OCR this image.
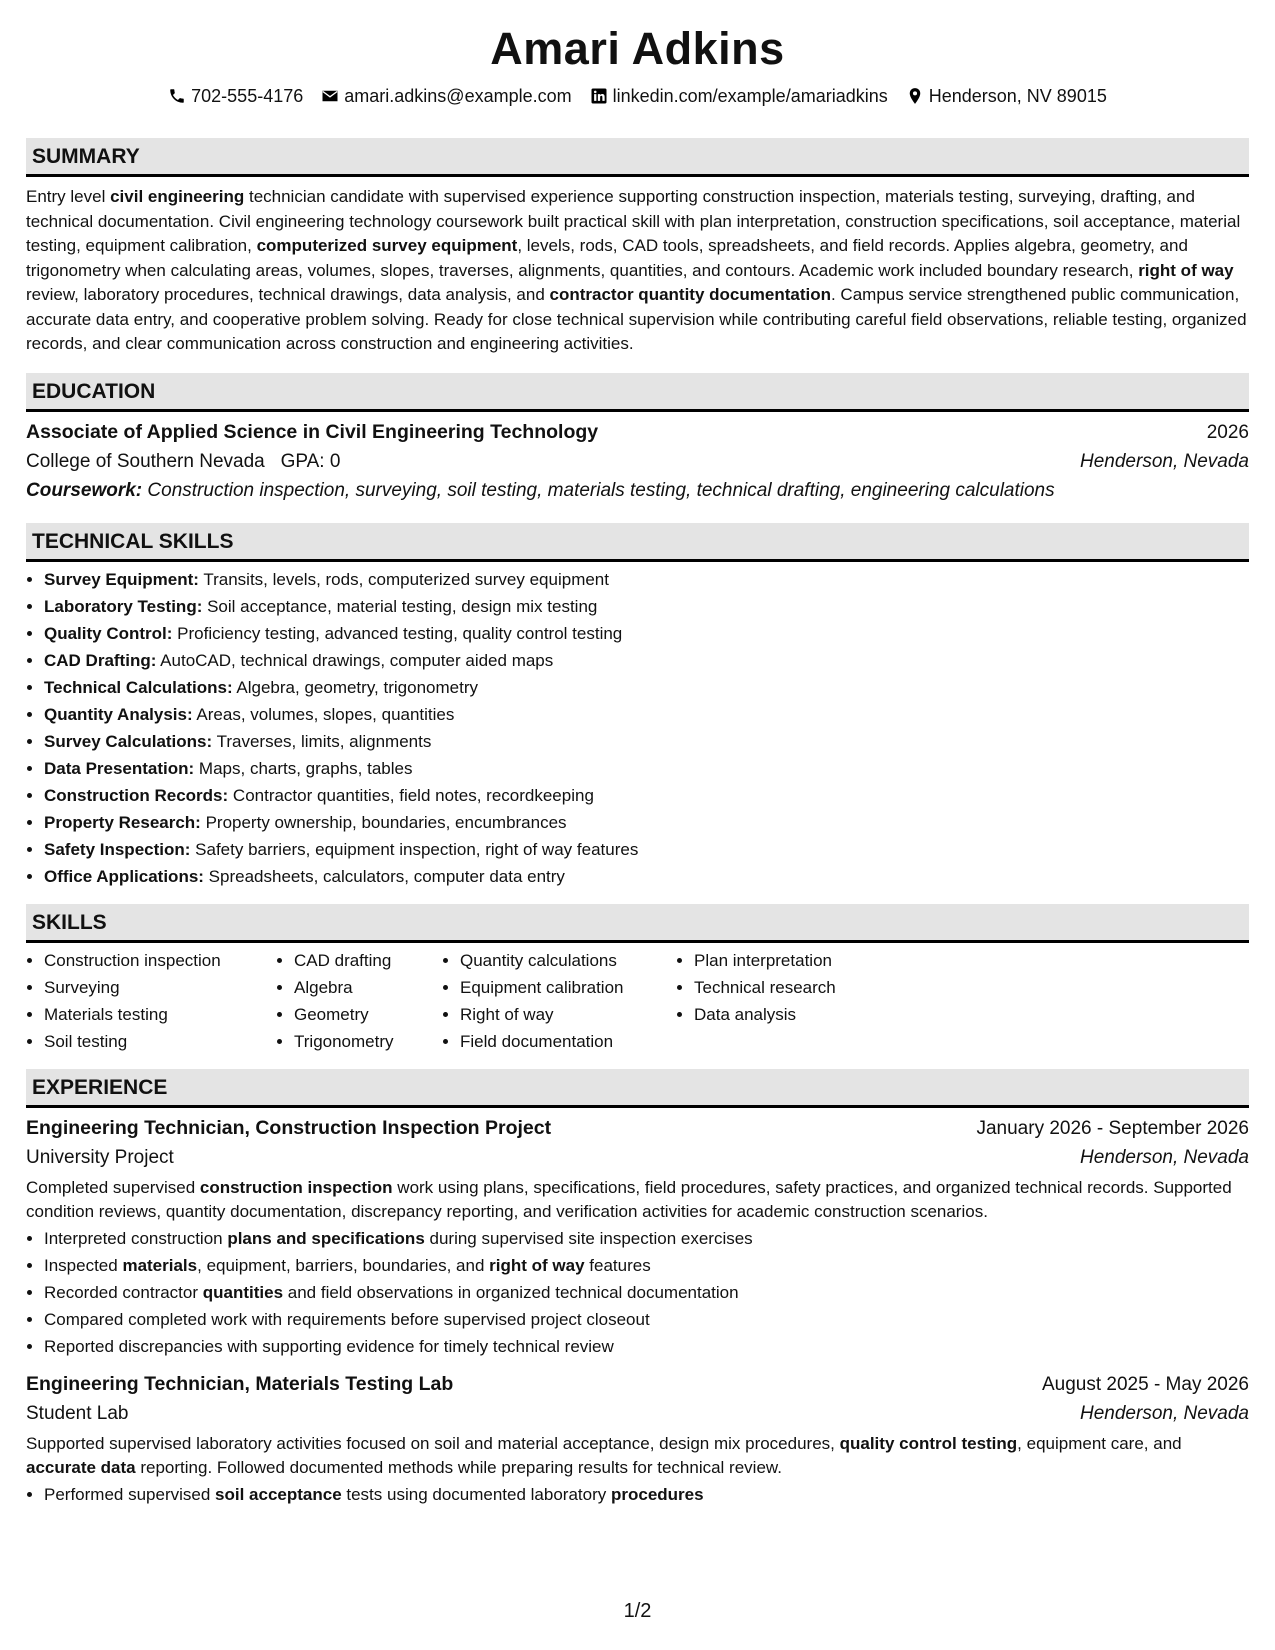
Amari Adkins
702-555-4176 amari.adkins@example.com linkedin.com/example/amariadkins Henderson, NV 89015
SUMMARY

Entry level civil engineering technician candidate with supervised experience supporting construction inspection, materials testing, surveying, drafting, and technical documentation. Civil engineering technology coursework built practical skill with plan interpretation, construction specifications, soil acceptance, material testing, equipment calibration, computerized survey equipment, levels, rods, CAD tools, spreadsheets, and field records. Applies algebra, geometry, and trigonometry when calculating areas, volumes, slopes, traverses, alignments, quantities, and contours. Academic work included boundary research, right of way review, laboratory procedures, technical drawings, data analysis, and contractor quantity documentation. Campus service strengthened public communication, accurate data entry, and cooperative problem solving. Ready for close technical supervision while contributing careful field observations, reliable testing, organized records, and clear communication across construction and engineering activities.

EDUCATION
Associate of Applied Science in Civil Engineering Technology	2026
College of Southern Nevada GPA: 0	Henderson, Nevada
Coursework: Construction inspection, surveying, soil testing, materials testing, technical drafting, engineering calculations
TECHNICAL SKILLS
• Survey Equipment: Transits, levels, rods, computerized survey equipment
• Laboratory Testing: Soil acceptance, material testing, design mix testing
• Quality Control: Proficiency testing, advanced testing, quality control testing
• CAD Drafting: AutoCAD, technical drawings, computer aided maps
• Technical Calculations: Algebra, geometry, trigonometry
• Quantity Analysis: Areas, volumes, slopes, quantities
• Survey Calculations: Traverses, limits, alignments
• Data Presentation: Maps, charts, graphs, tables
• Construction Records: Contractor quantities, field notes, recordkeeping
• Property Research: Property ownership, boundaries, encumbrances
• Safety Inspection: Safety barriers, equipment inspection, right of way features
• Office Applications: Spreadsheets, calculators, computer data entry
SKILLS
• Construction inspection
• Surveying
• Materials testing
• Soil testing
• CAD drafting
• Algebra
• Geometry
• Trigonometry
• Quantity calculations
• Equipment calibration
• Right of way
• Field documentation
• Plan interpretation
• Technical research
• Data analysis
EXPERIENCE
Engineering Technician, Construction Inspection Project	January 2026 - September 2026
University Project	Henderson, Nevada

Completed supervised construction inspection work using plans, specifications, field procedures, safety practices, and organized technical records. Supported condition reviews, quantity documentation, discrepancy reporting, and verification activities for academic construction scenarios.

• Interpreted construction plans and specifications during supervised site inspection exercises
• Inspected materials, equipment, barriers, boundaries, and right of way features
• Recorded contractor quantities and field observations in organized technical documentation
• Compared completed work with requirements before supervised project closeout
• Reported discrepancies with supporting evidence for timely technical review
Engineering Technician, Materials Testing Lab	August 2025 - May 2026
Student Lab	Henderson, Nevada

Supported supervised laboratory activities focused on soil and material acceptance, design mix procedures, quality control testing, equipment care, and accurate data reporting. Followed documented methods while preparing results for technical review.

• Performed supervised soil acceptance tests using documented laboratory procedures
1/2
